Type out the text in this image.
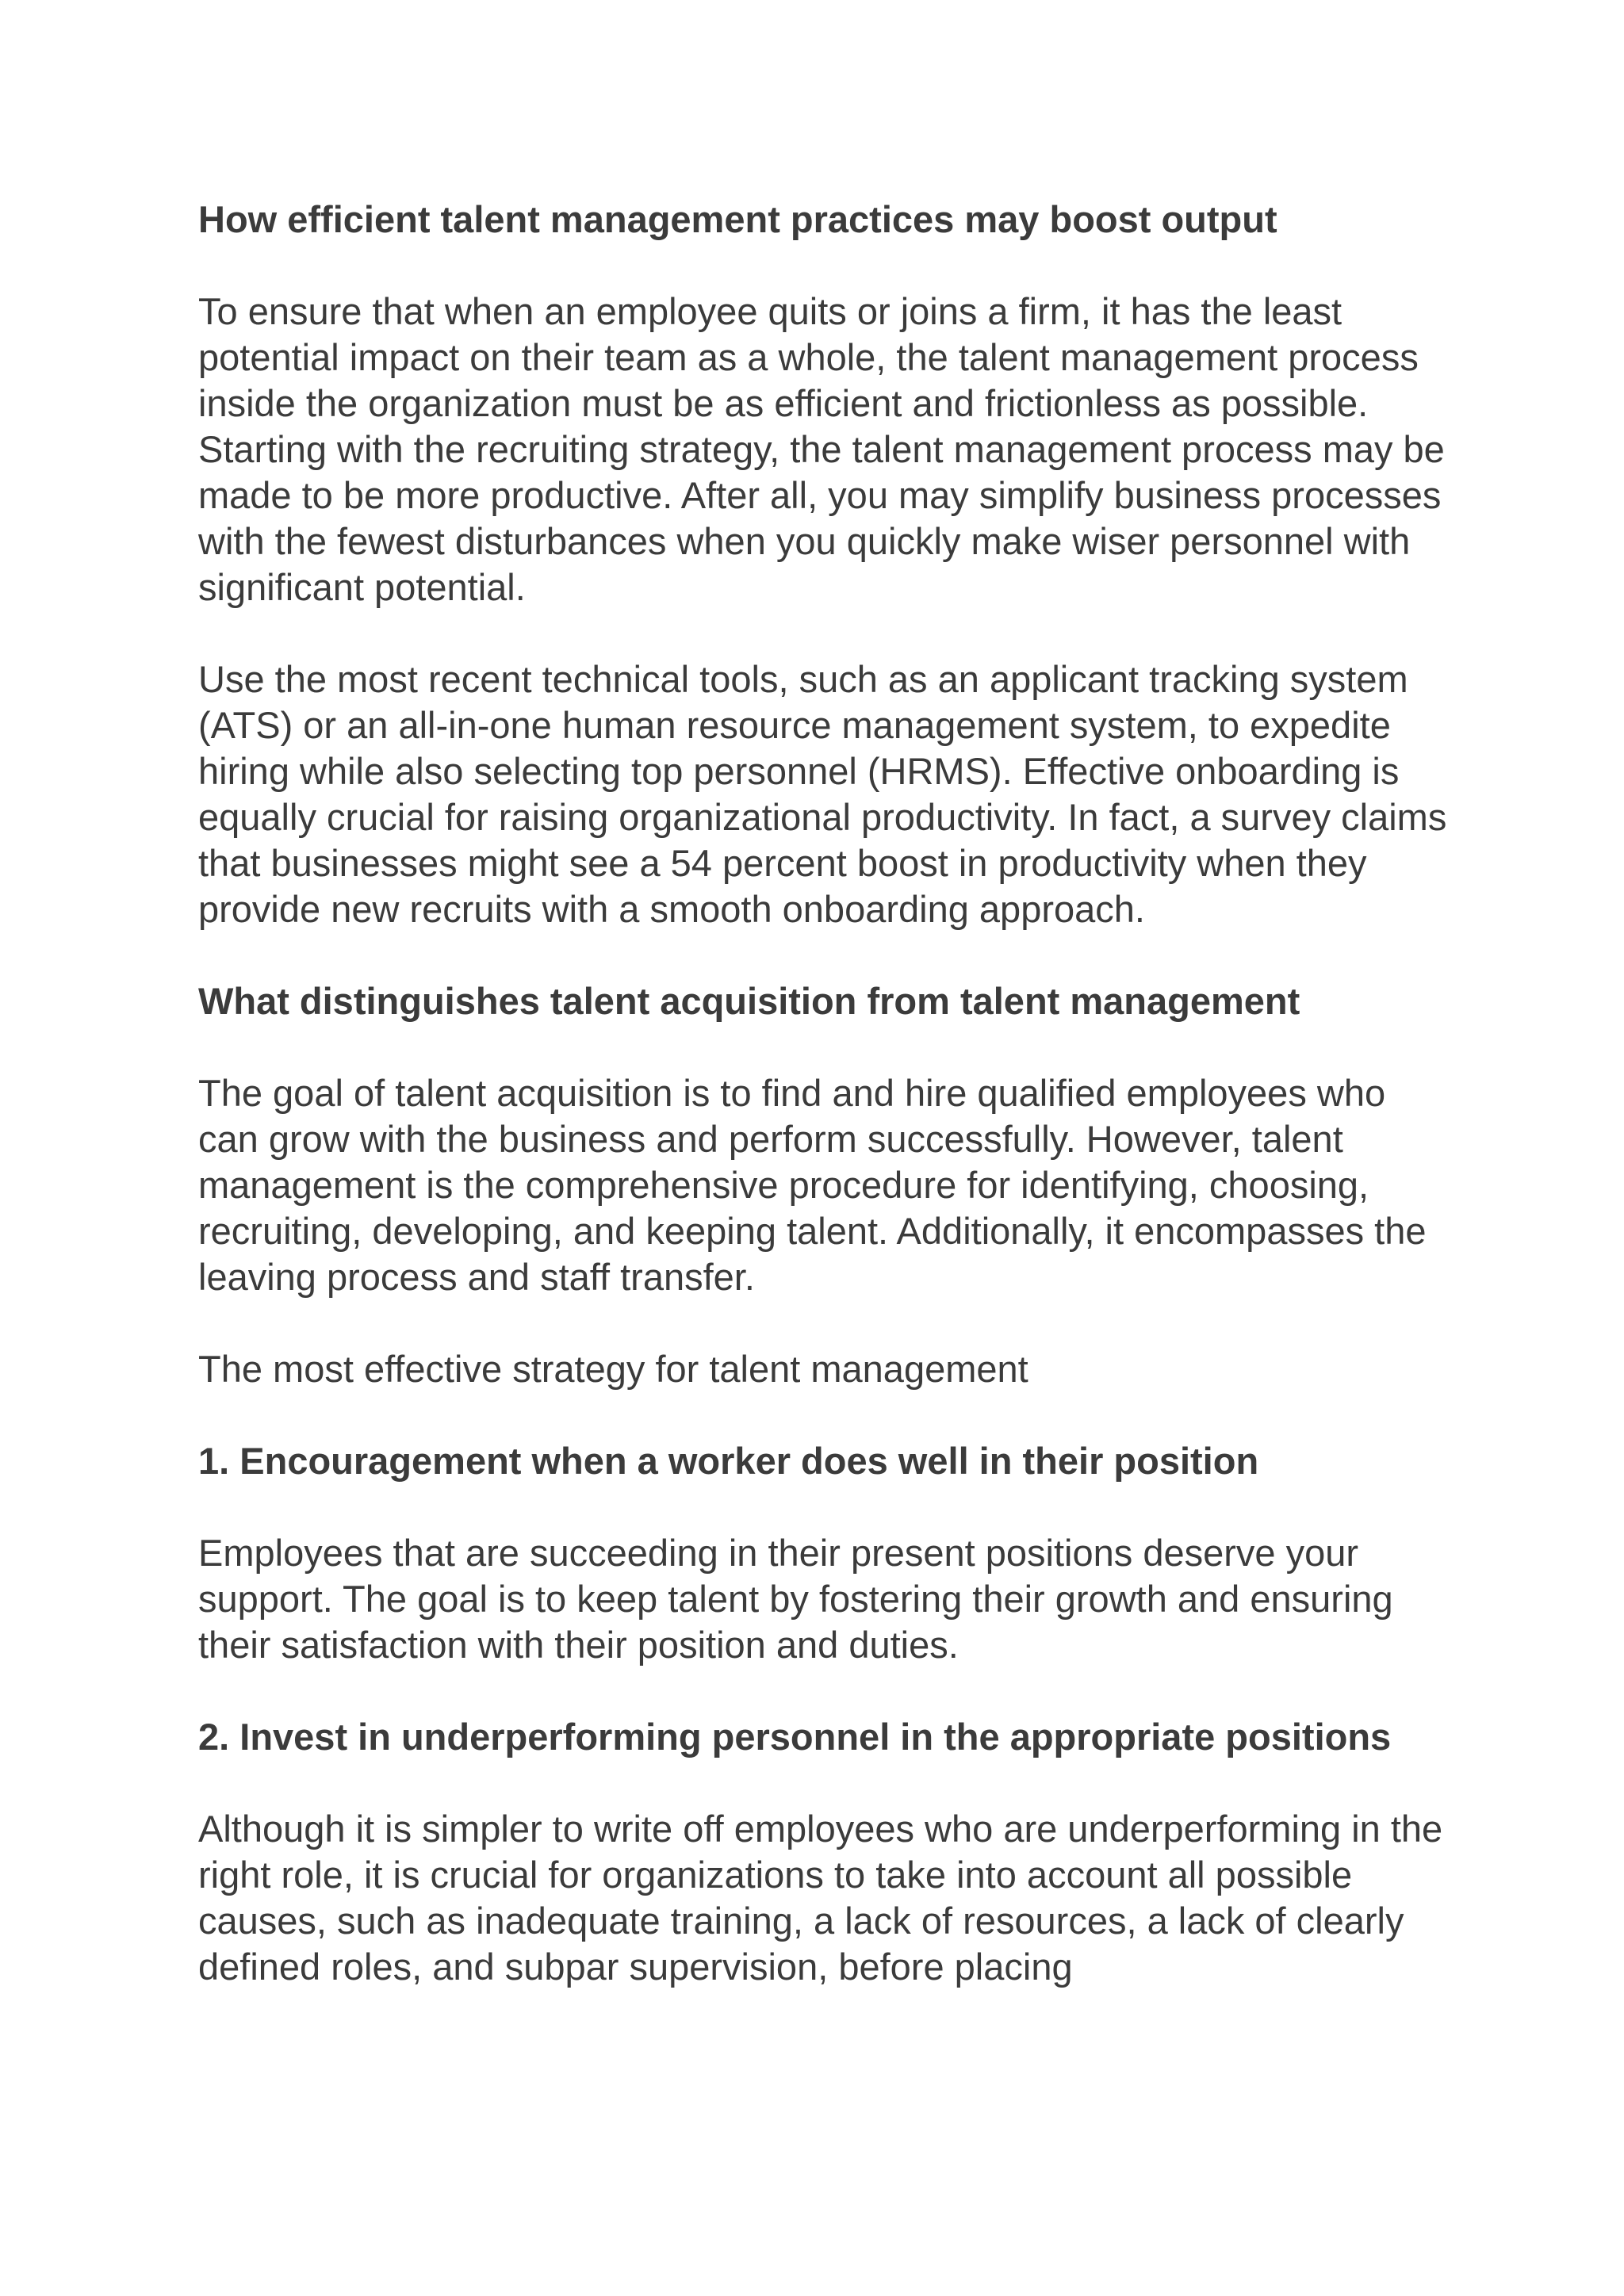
How efficient talent management practices may boost output

To ensure that when an employee quits or joins a firm, it has the least potential impact on their team as a whole, the talent management process inside the organization must be as efficient and frictionless as possible. Starting with the recruiting strategy, the talent management process may be made to be more productive. After all, you may simplify business processes with the fewest disturbances when you quickly make wiser personnel with significant potential.

Use the most recent technical tools, such as an applicant tracking system (ATS) or an all-in-one human resource management system, to expedite hiring while also selecting top personnel (HRMS). Effective onboarding is equally crucial for raising organizational productivity. In fact, a survey claims that businesses might see a 54 percent boost in productivity when they provide new recruits with a smooth onboarding approach.

What distinguishes talent acquisition from talent management

The goal of talent acquisition is to find and hire qualified employees who can grow with the business and perform successfully. However, talent management is the comprehensive procedure for identifying, choosing, recruiting, developing, and keeping talent. Additionally, it encompasses the leaving process and staff transfer.

The most effective strategy for talent management

1. Encouragement when a worker does well in their position

Employees that are succeeding in their present positions deserve your support. The goal is to keep talent by fostering their growth and ensuring their satisfaction with their position and duties.

2. Invest in underperforming personnel in the appropriate positions

Although it is simpler to write off employees who are underperforming in the right role, it is crucial for organizations to take into account all possible causes, such as inadequate training, a lack of resources, a lack of clearly defined roles, and subpar supervision, before placing
